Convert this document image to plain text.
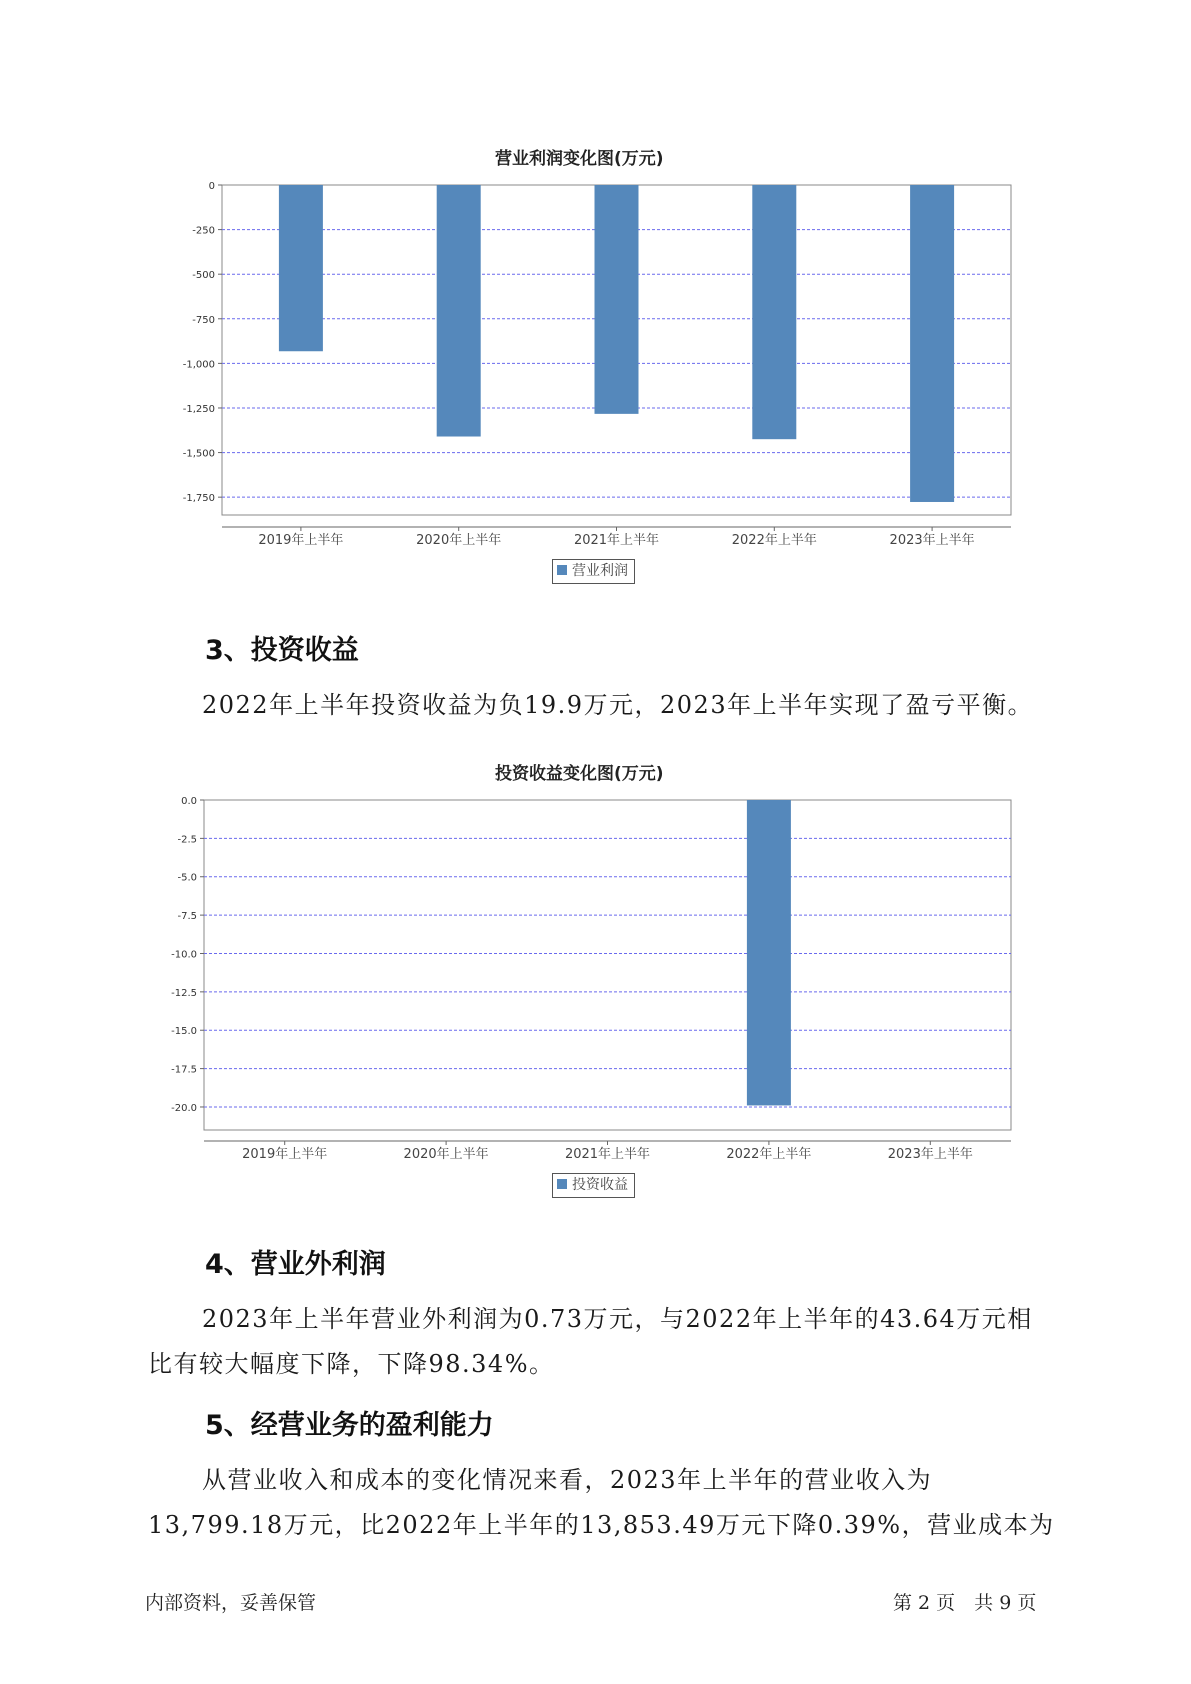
营业利润变化图(万元)
0
-250
-500
-750
-1,000
-1,250
-1,500
-1,750
2019年上半年	2020年上半年	2021年上半年	2022年上半年	2023年上半年
营业利润
3、投资收益

2022年上半年投资收益为负19.9万元，2023年上半年实现了盈亏平衡。

投资收益变化图(万元)
0.0
-2.5
-5.0
-7.5
-10.0
-12.5
-15.0
-17.5
-20.0
2019年上半年	2020年上半年	2021年上半年	2022年上半年	2023年上半年
投资收益
4、营业外利润

2023年上半年营业外利润为0.73万元，与2022年上半年的43.64万元相比有较大幅度下降，下降98.34%。

5、经营业务的盈利能力

从营业收入和成本的变化情况来看，2023年上半年的营业收入为13,799.18万元，比2022年上半年的13,853.49万元下降0.39%，营业成本为

内部资料，妥善保管	第 2 页　共 9 页
